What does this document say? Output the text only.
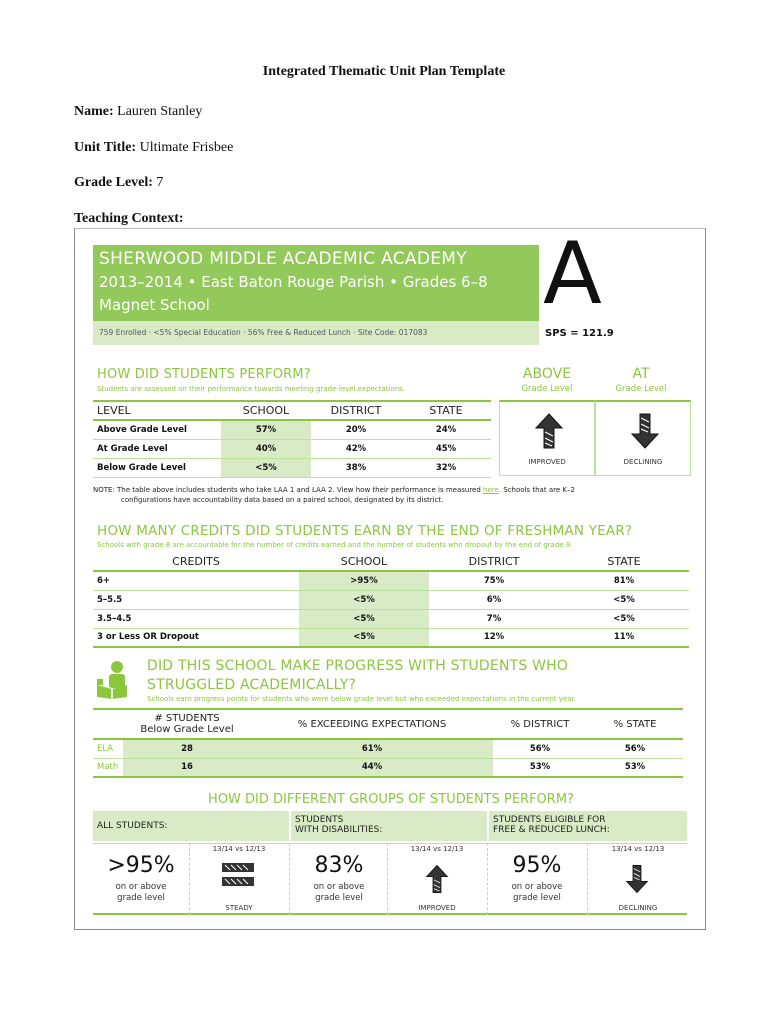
Integrated Thematic Unit Plan Template
Name: Lauren Stanley
Unit Title: Ultimate Frisbee
Grade Level: 7
Teaching Context:
SHERWOOD MIDDLE ACADEMIC ACADEMY
2013–2014 • East Baton Rouge Parish • Grades 6–8
Magnet School
759 Enrolled · <5% Special Education · 56% Free & Reduced Lunch · Site Code: 017083
A
SPS = 121.9
HOW DID STUDENTS PERFORM?
Students are assessed on their performance towards meeting grade-level expectations.
LEVEL	SCHOOL	DISTRICT	STATE
Above Grade Level	57%	20%	24%
At Grade Level	40%	42%	45%
Below Grade Level	<5%	38%	32%
ABOVE
Grade Level
AT
Grade Level
IMPROVED	DECLINING
NOTE: The table above includes students who take LAA 1 and LAA 2. View how their performance is measured here. Schools that are K–2
configurations have accountability data based on a paired school, designated by its district.
HOW MANY CREDITS DID STUDENTS EARN BY THE END OF FRESHMAN YEAR?
Schools with grade 8 are accountable for the number of credits earned and the number of students who dropout by the end of grade 9.
CREDITS	SCHOOL	DISTRICT	STATE
6+	>95%	75%	81%
5–5.5	<5%	6%	<5%
3.5–4.5	<5%	7%	<5%
3 or Less OR Dropout	<5%	12%	11%
DID THIS SCHOOL MAKE PROGRESS WITH STUDENTS WHO
STRUGGLED ACADEMICALLY?
Schools earn progress points for students who were below grade level but who exceeded expectations in the current year.
	# STUDENTS
Below Grade Level	% EXCEEDING EXPECTATIONS	% DISTRICT	% STATE
ELA	28	61%	56%	56%
Math	16	44%	53%	53%
HOW DID DIFFERENT GROUPS OF STUDENTS PERFORM?
ALL STUDENTS:
STUDENTS
WITH DISABILITIES:
STUDENTS ELIGIBLE FOR
FREE & REDUCED LUNCH:
>95%
on or above
grade level
13/14 vs 12/13
STEADY
83%
on or above
grade level
13/14 vs 12/13
IMPROVED
95%
on or above
grade level
13/14 vs 12/13
DECLINING
